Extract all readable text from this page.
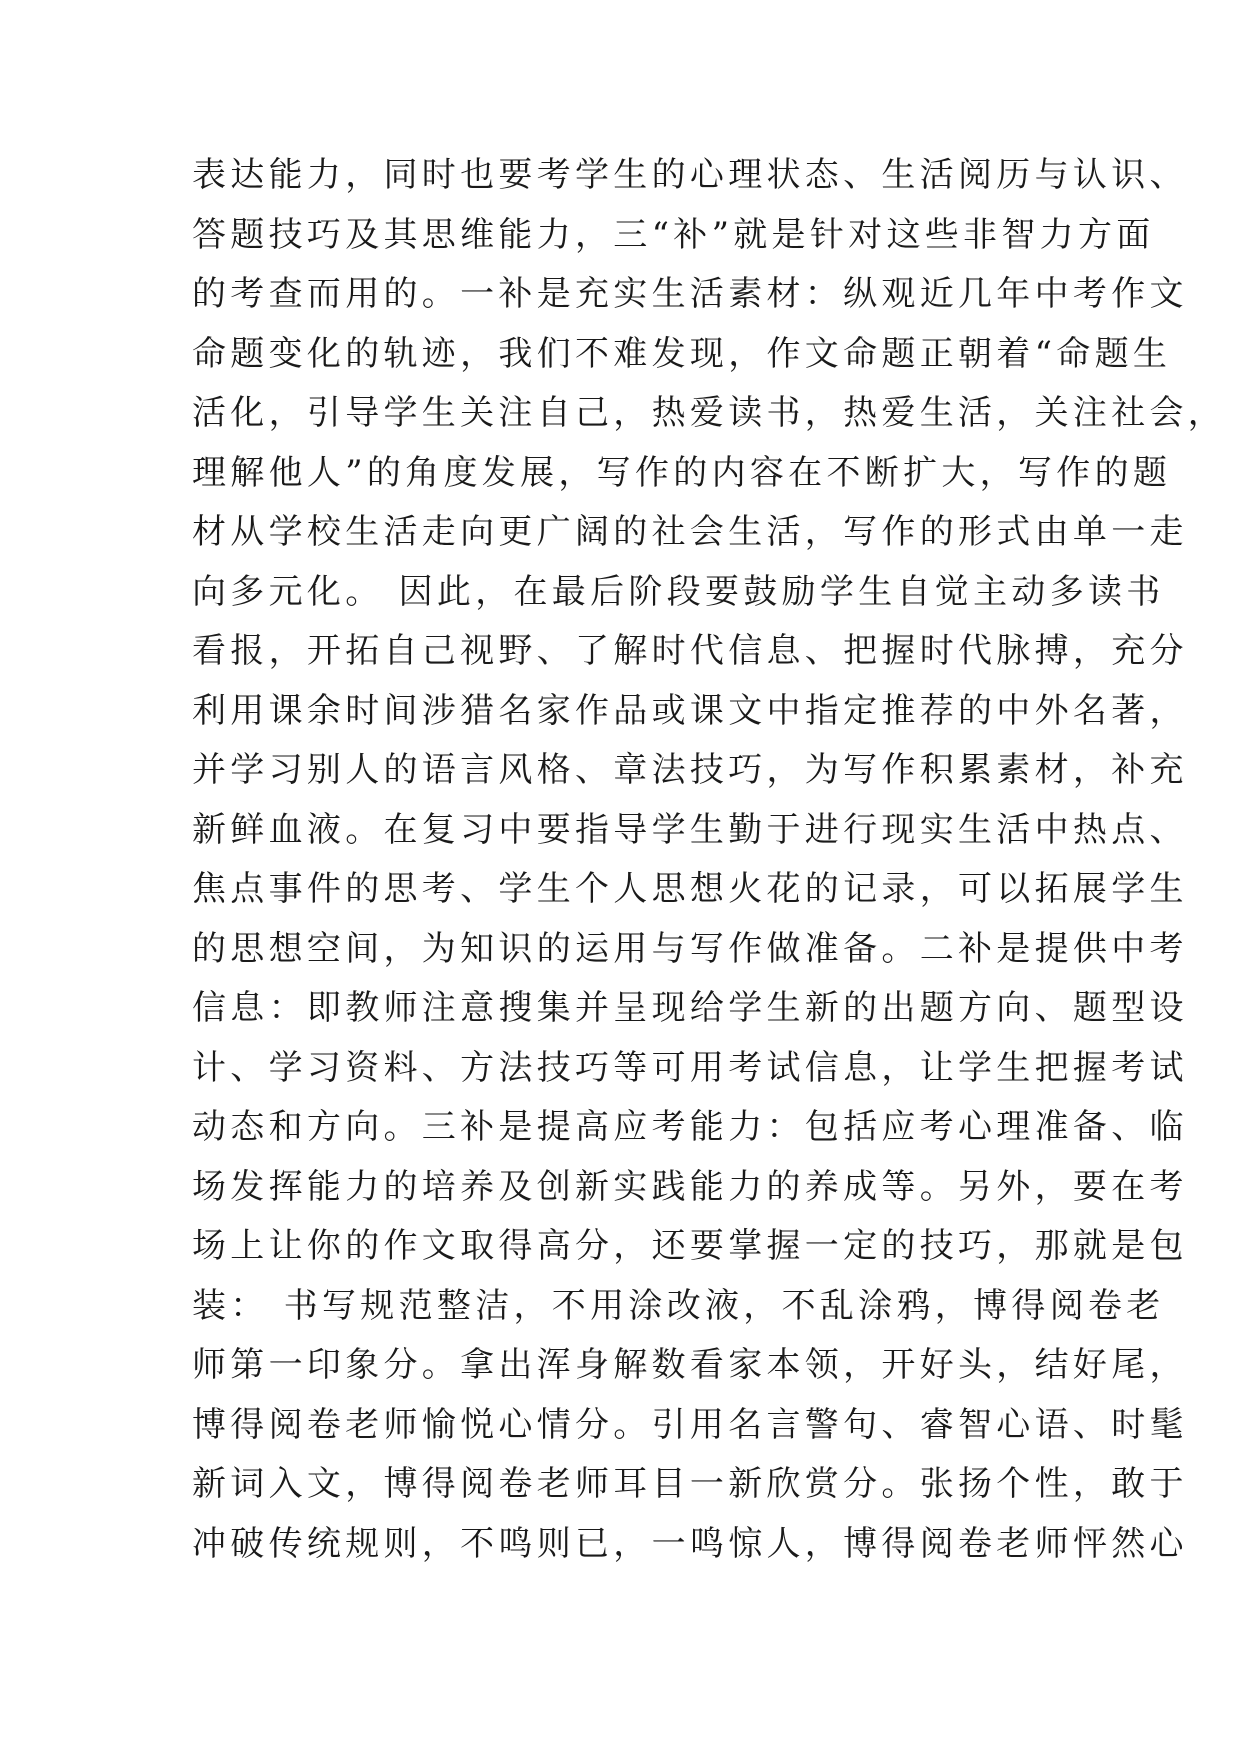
表达能力，同时也要考学生的心理状态、生活阅历与认识、
答题技巧及其思维能力，三“补”就是针对这些非智力方面
的考查而用的。一补是充实生活素材：纵观近几年中考作文
命题变化的轨迹，我们不难发现，作文命题正朝着“命题生
活化，引导学生关注自己，热爱读书，热爱生活，关注社会，
理解他人”的角度发展，写作的内容在不断扩大，写作的题
材从学校生活走向更广阔的社会生活，写作的形式由单一走
向多元化。 因此，在最后阶段要鼓励学生自觉主动多读书
看报，开拓自己视野、了解时代信息、把握时代脉搏，充分
利用课余时间涉猎名家作品或课文中指定推荐的中外名著，
并学习别人的语言风格、章法技巧，为写作积累素材，补充
新鲜血液。在复习中要指导学生勤于进行现实生活中热点、
焦点事件的思考、学生个人思想火花的记录，可以拓展学生
的思想空间，为知识的运用与写作做准备。二补是提供中考
信息：即教师注意搜集并呈现给学生新的出题方向、题型设
计、学习资料、方法技巧等可用考试信息，让学生把握考试
动态和方向。三补是提高应考能力：包括应考心理准备、临
场发挥能力的培养及创新实践能力的养成等。另外，要在考
场上让你的作文取得高分，还要掌握一定的技巧，那就是包
装： 书写规范整洁，不用涂改液，不乱涂鸦，博得阅卷老
师第一印象分。拿出浑身解数看家本领，开好头，结好尾，
博得阅卷老师愉悦心情分。引用名言警句、睿智心语、时髦
新词入文，博得阅卷老师耳目一新欣赏分。张扬个性，敢于
冲破传统规则，不鸣则已，一鸣惊人，博得阅卷老师怦然心
